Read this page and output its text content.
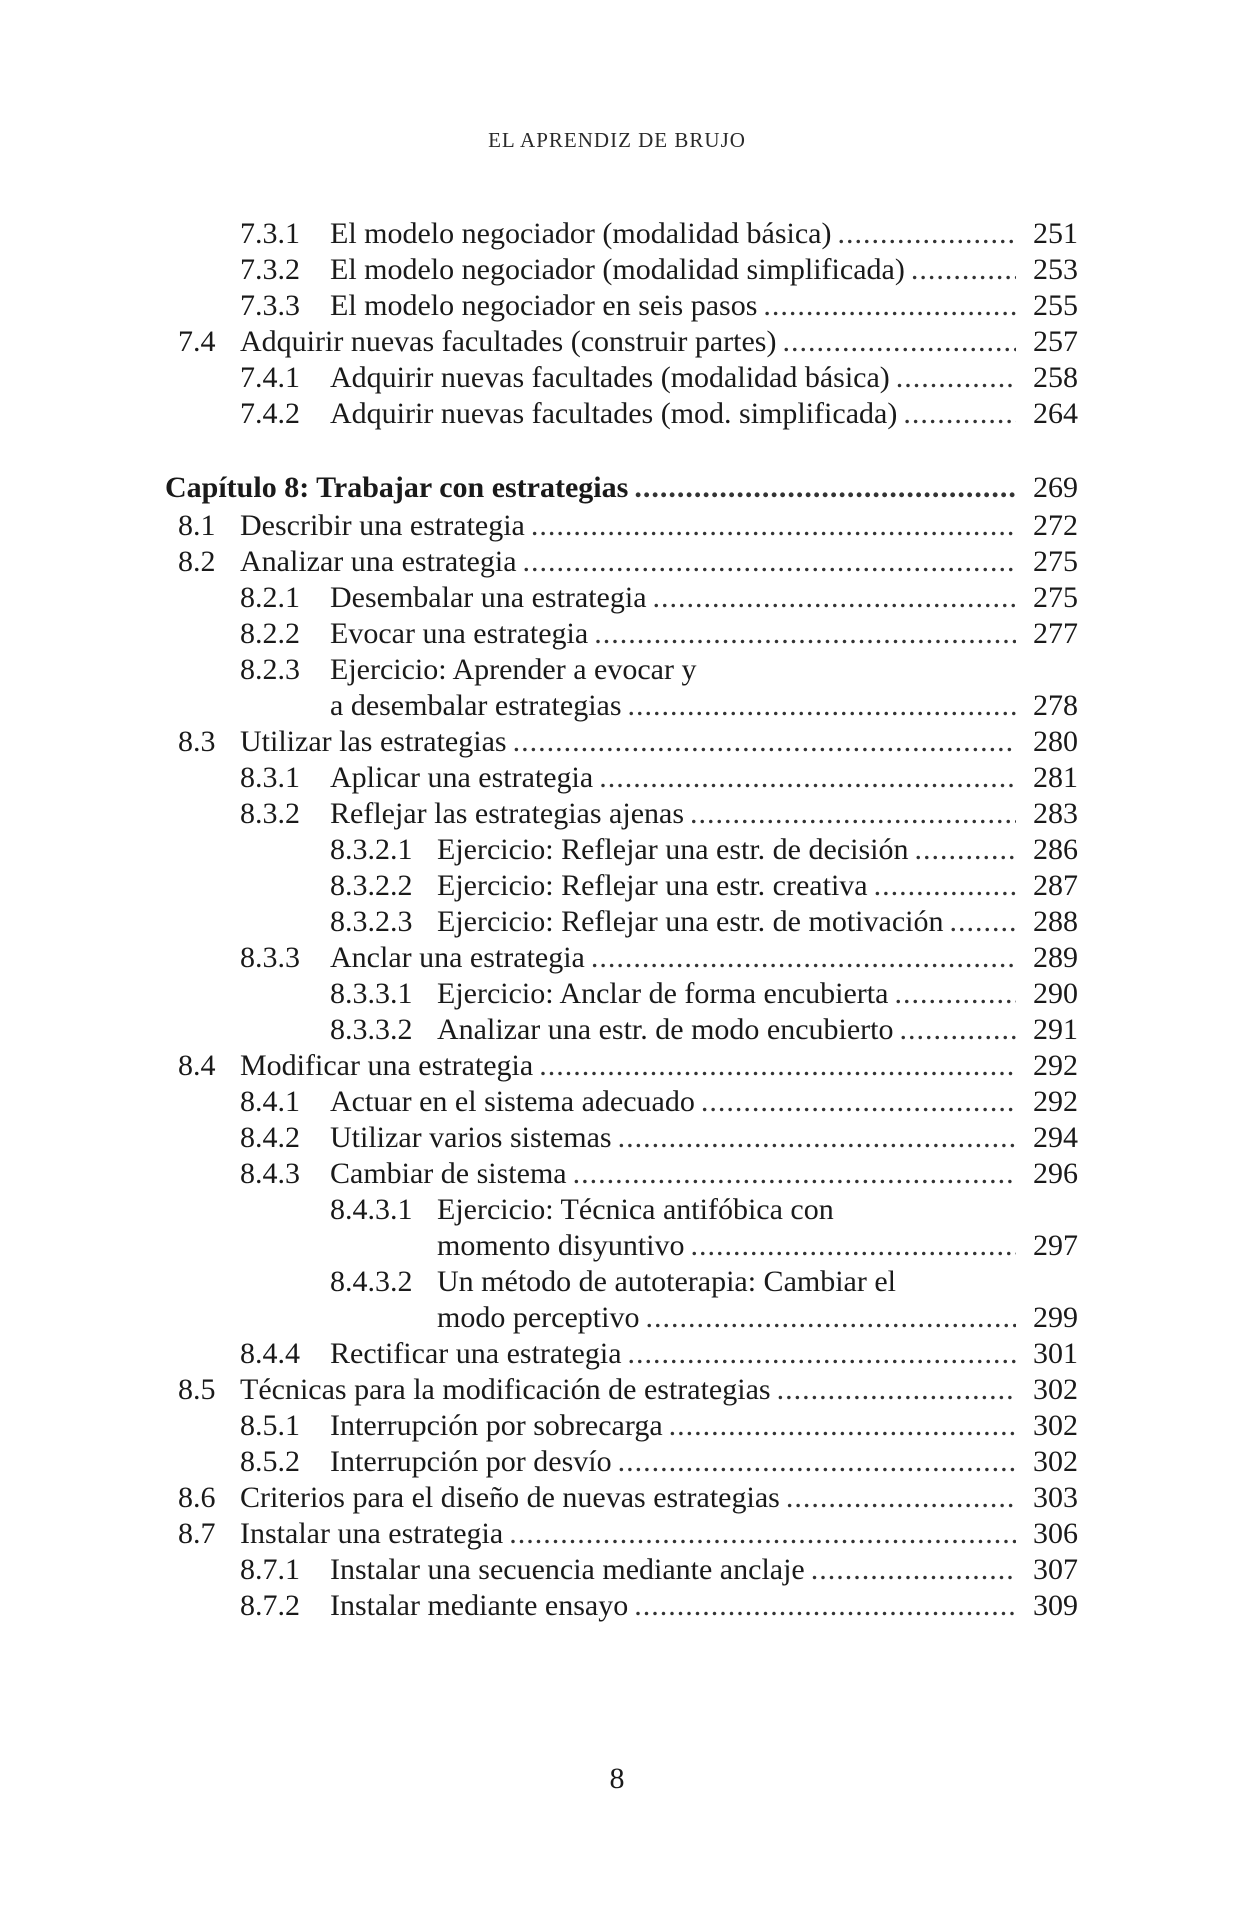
EL APRENDIZ DE BRUJO
7.3.1 El modelo negociador (modalidad básica) .....	251
7.3.2 El modelo negociador (modalidad simplificada) .....	253
7.3.3 El modelo negociador en seis pasos .....	255
7.4 Adquirir nuevas facultades (construir partes) .....	257
7.4.1 Adquirir nuevas facultades (modalidad básica) .....	258
7.4.2 Adquirir nuevas facultades (mod. simplificada) .....	264
Capítulo 8: Trabajar con estrategias .....	269
8.1 Describir una estrategia .....	272
8.2 Analizar una estrategia .....	275
8.2.1 Desembalar una estrategia .....	275
8.2.2 Evocar una estrategia .....	277
8.2.3 Ejercicio: Aprender a evocar y
a desembalar estrategias .....	278
8.3 Utilizar las estrategias .....	280
8.3.1 Aplicar una estrategia .....	281
8.3.2 Reflejar las estrategias ajenas .....	283
8.3.2.1 Ejercicio: Reflejar una estr. de decisión .....	286
8.3.2.2 Ejercicio: Reflejar una estr. creativa .....	287
8.3.2.3 Ejercicio: Reflejar una estr. de motivación .....	288
8.3.3 Anclar una estrategia .....	289
8.3.3.1 Ejercicio: Anclar de forma encubierta .....	290
8.3.3.2 Analizar una estr. de modo encubierto .....	291
8.4 Modificar una estrategia .....	292
8.4.1 Actuar en el sistema adecuado .....	292
8.4.2 Utilizar varios sistemas .....	294
8.4.3 Cambiar de sistema .....	296
8.4.3.1 Ejercicio: Técnica antifóbica con
momento disyuntivo .....	297
8.4.3.2 Un método de autoterapia: Cambiar el
modo perceptivo .....	299
8.4.4 Rectificar una estrategia .....	301
8.5 Técnicas para la modificación de estrategias .....	302
8.5.1 Interrupción por sobrecarga .....	302
8.5.2 Interrupción por desvío .....	302
8.6 Criterios para el diseño de nuevas estrategias .....	303
8.7 Instalar una estrategia .....	306
8.7.1 Instalar una secuencia mediante anclaje .....	307
8.7.2 Instalar mediante ensayo .....	309
8
